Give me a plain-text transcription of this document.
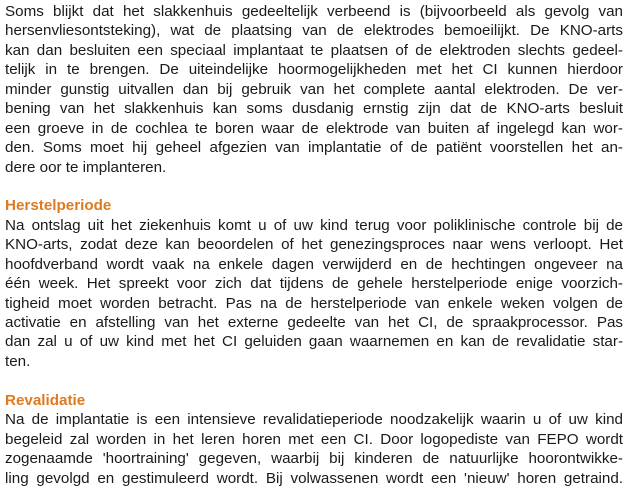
Soms blijkt dat het slakkenhuis gedeeltelijk verbeend is (bijvoorbeeld als gevolg van
hersenvliesontsteking), wat de plaatsing van de elektrodes bemoeilijkt. De KNO-arts
kan dan besluiten een speciaal implantaat te plaatsen of de elektroden slechts gedeel-
telijk in te brengen. De uiteindelijke hoormogelijkheden met het CI kunnen hierdoor
minder gunstig uitvallen dan bij gebruik van het complete aantal elektroden. De ver-
bening van het slakkenhuis kan soms dusdanig ernstig zijn dat de KNO-arts besluit
een groeve in de cochlea te boren waar de elektrode van buiten af ingelegd kan wor-
den. Soms moet hij geheel afgezien van implantatie of de patiënt voorstellen het an-
dere oor te implanteren.
Herstelperiode
Na ontslag uit het ziekenhuis komt u of uw kind terug voor poliklinische controle bij de
KNO-arts, zodat deze kan beoordelen of het genezingsproces naar wens verloopt. Het
hoofdverband wordt vaak na enkele dagen verwijderd en de hechtingen ongeveer na
één week. Het spreekt voor zich dat tijdens de gehele herstelperiode enige voorzich-
tigheid moet worden betracht. Pas na de herstelperiode van enkele weken volgen de
activatie en afstelling van het externe gedeelte van het CI, de spraakprocessor. Pas
dan zal u of uw kind met het CI geluiden gaan waarnemen en kan de revalidatie star-
ten.
Revalidatie
Na de implantatie is een intensieve revalidatieperiode noodzakelijk waarin u of uw kind
begeleid zal worden in het leren horen met een CI. Door logopediste van FEPO wordt
zogenaamde 'hoortraining' gegeven, waarbij bij kinderen de natuurlijke hoorontwikke-
ling gevolgd en gestimuleerd wordt. Bij volwassenen wordt een 'nieuw' horen getraind.
